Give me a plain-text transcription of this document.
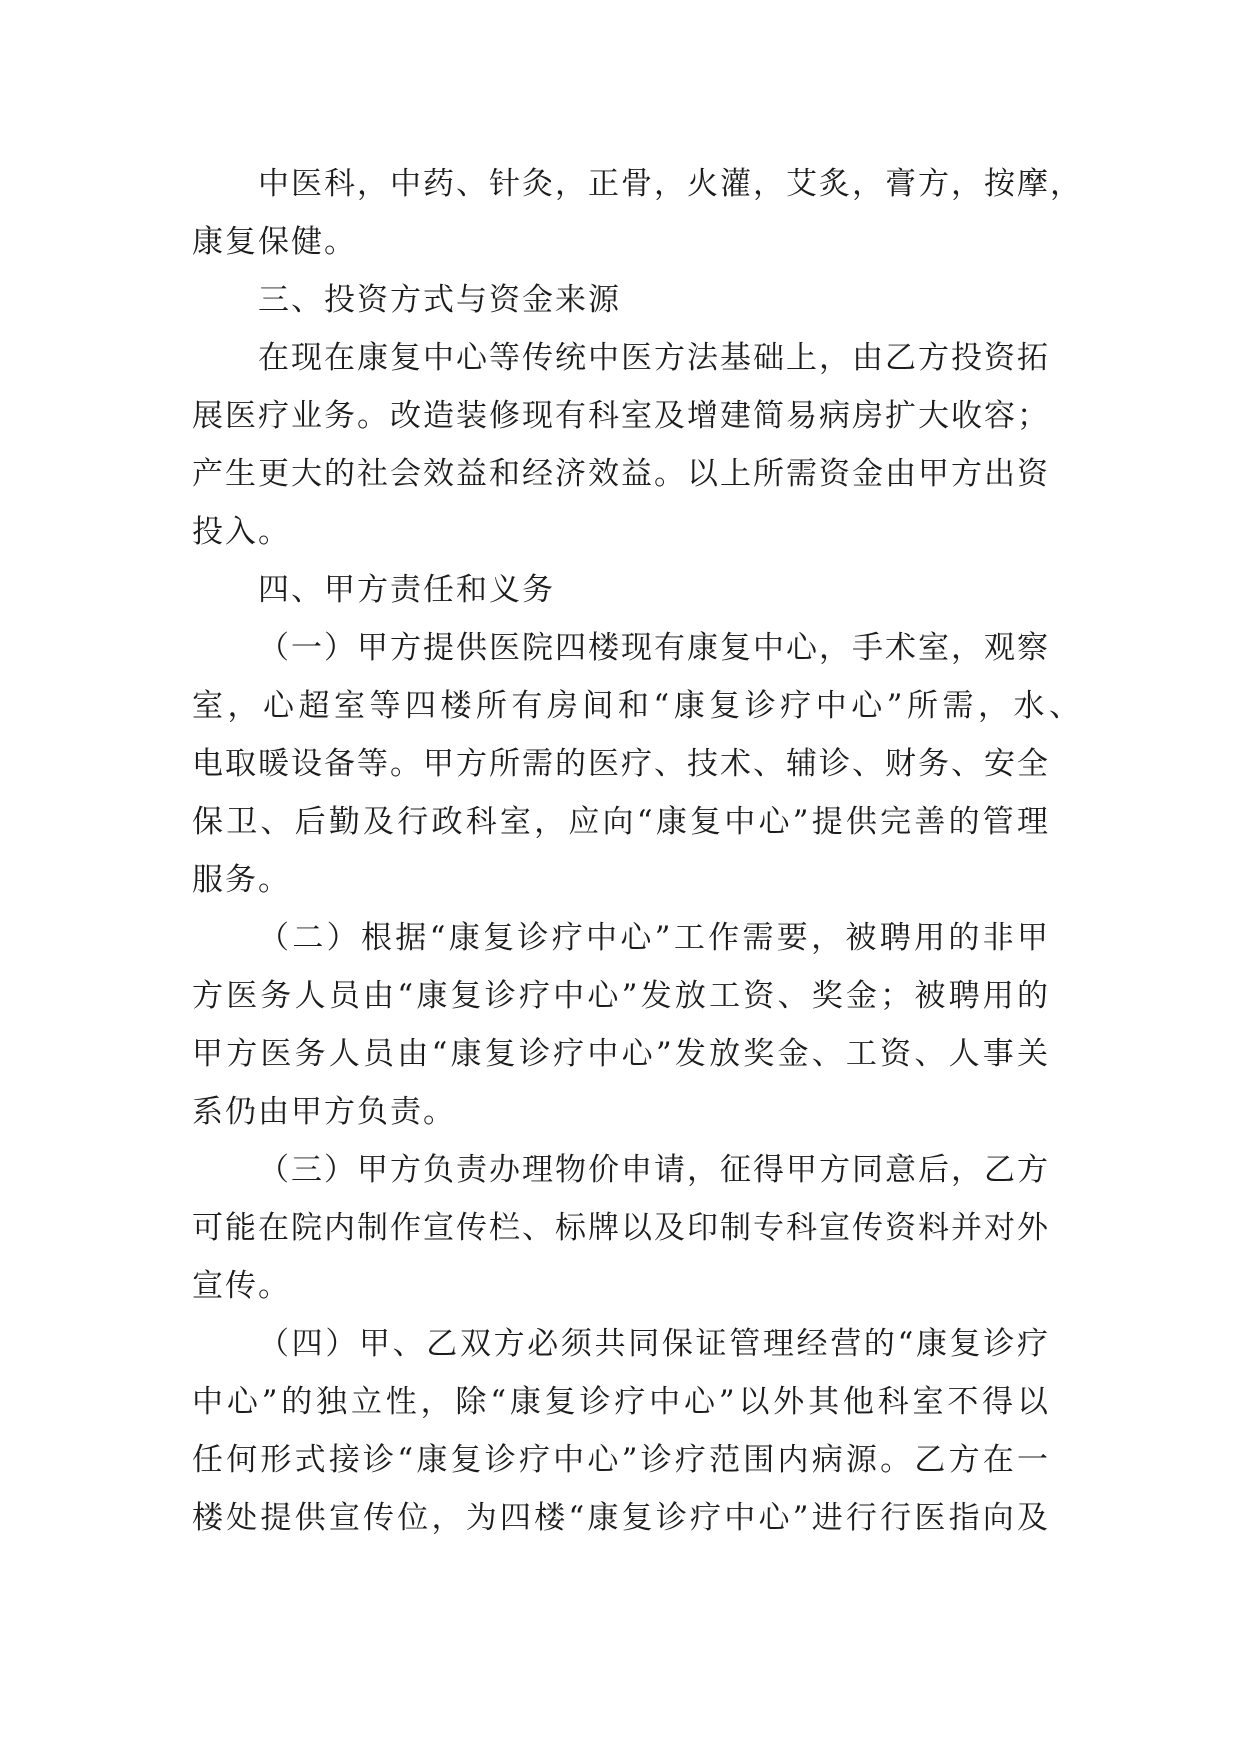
中医科，中药、针灸，正骨，火灌，艾炙，膏方，按摩，
康复保健。
三、投资方式与资金来源
在现在康复中心等传统中医方法基础上，由乙方投资拓
展医疗业务。改造装修现有科室及增建简易病房扩大收容；
产生更大的社会效益和经济效益。以上所需资金由甲方出资
投入。
四、甲方责任和义务
（一）甲方提供医院四楼现有康复中心，手术室，观察
室，心超室等四楼所有房间和“康复诊疗中心”所需，水、
电取暖设备等。甲方所需的医疗、技术、辅诊、财务、安全
保卫、后勤及行政科室，应向“康复中心”提供完善的管理
服务。
（二）根据“康复诊疗中心”工作需要，被聘用的非甲
方医务人员由“康复诊疗中心”发放工资、奖金；被聘用的
甲方医务人员由“康复诊疗中心”发放奖金、工资、人事关
系仍由甲方负责。
（三）甲方负责办理物价申请，征得甲方同意后，乙方
可能在院内制作宣传栏、标牌以及印制专科宣传资料并对外
宣传。
（四）甲、乙双方必须共同保证管理经营的“康复诊疗
中心”的独立性，除“康复诊疗中心”以外其他科室不得以
任何形式接诊“康复诊疗中心”诊疗范围内病源。乙方在一
楼处提供宣传位，为四楼“康复诊疗中心”进行行医指向及
